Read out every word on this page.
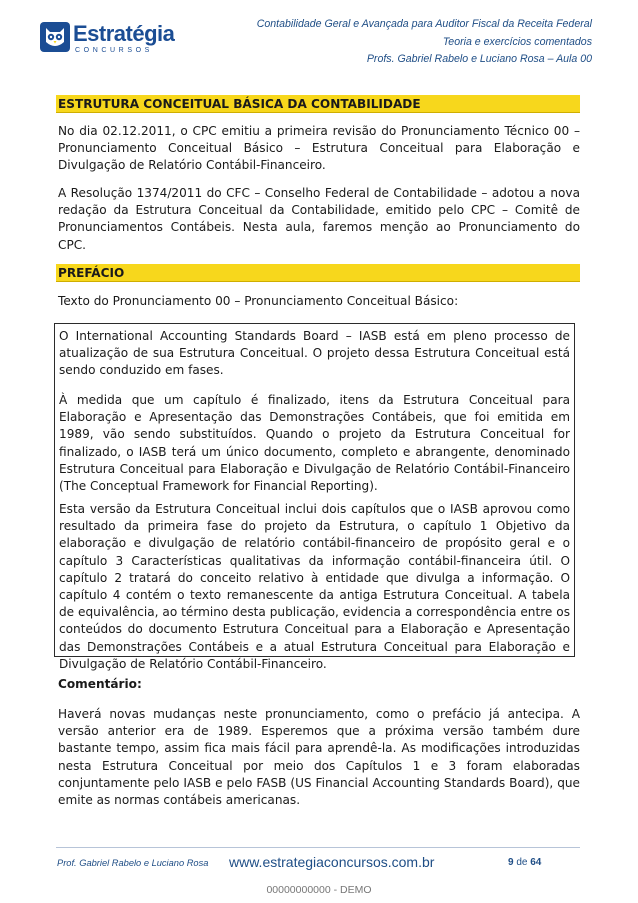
Estratégia
CONCURSOS
Contabilidade Geral e Avançada para Auditor Fiscal da Receita Federal
Teoria e exercícios comentados
Profs. Gabriel Rabelo e Luciano Rosa – Aula 00
ESTRUTURA CONCEITUAL BÁSICA DA CONTABILIDADE

No dia 02.12.2011, o CPC emitiu a primeira revisão do Pronunciamento Técnico 00 – Pronunciamento Conceitual Básico – Estrutura Conceitual para Elaboração e Divulgação de Relatório Contábil-Financeiro.

A Resolução 1374/2011 do CFC – Conselho Federal de Contabilidade – adotou a nova redação da Estrutura Conceitual da Contabilidade, emitido pelo CPC – Comitê de Pronunciamentos Contábeis. Nesta aula, faremos menção ao Pronunciamento do CPC.

PREFÁCIO

Texto do Pronunciamento 00 – Pronunciamento Conceitual Básico:

O International Accounting Standards Board – IASB está em pleno processo de atualização de sua Estrutura Conceitual. O projeto dessa Estrutura Conceitual está sendo conduzido em fases.

À medida que um capítulo é finalizado, itens da Estrutura Conceitual para Elaboração e Apresentação das Demonstrações Contábeis, que foi emitida em 1989, vão sendo substituídos. Quando o projeto da Estrutura Conceitual for finalizado, o IASB terá um único documento, completo e abrangente, denominado Estrutura Conceitual para Elaboração e Divulgação de Relatório Contábil-Financeiro (The Conceptual Framework for Financial Reporting).

Esta versão da Estrutura Conceitual inclui dois capítulos que o IASB aprovou como resultado da primeira fase do projeto da Estrutura, o capítulo 1 Objetivo da elaboração e divulgação de relatório contábil-financeiro de propósito geral e o capítulo 3 Características qualitativas da informação contábil-financeira útil. O capítulo 2 tratará do conceito relativo à entidade que divulga a informação. O capítulo 4 contém o texto remanescente da antiga Estrutura Conceitual. A tabela de equivalência, ao término desta publicação, evidencia a correspondência entre os conteúdos do documento Estrutura Conceitual para a Elaboração e Apresentação das Demonstrações Contábeis e a atual Estrutura Conceitual para Elaboração e Divulgação de Relatório Contábil-Financeiro.

Comentário:

Haverá novas mudanças neste pronunciamento, como o prefácio já antecipa. A versão anterior era de 1989. Esperemos que a próxima versão também dure bastante tempo, assim fica mais fácil para aprendê-la. As modificações introduzidas nesta Estrutura Conceitual por meio dos Capítulos 1 e 3 foram elaboradas conjuntamente pelo IASB e pelo FASB (US Financial Accounting Standards Board), que emite as normas contábeis americanas.

Prof. Gabriel Rabelo e Luciano Rosa www.estrategiaconcursos.com.br	9 de 64
00000000000 - DEMO
